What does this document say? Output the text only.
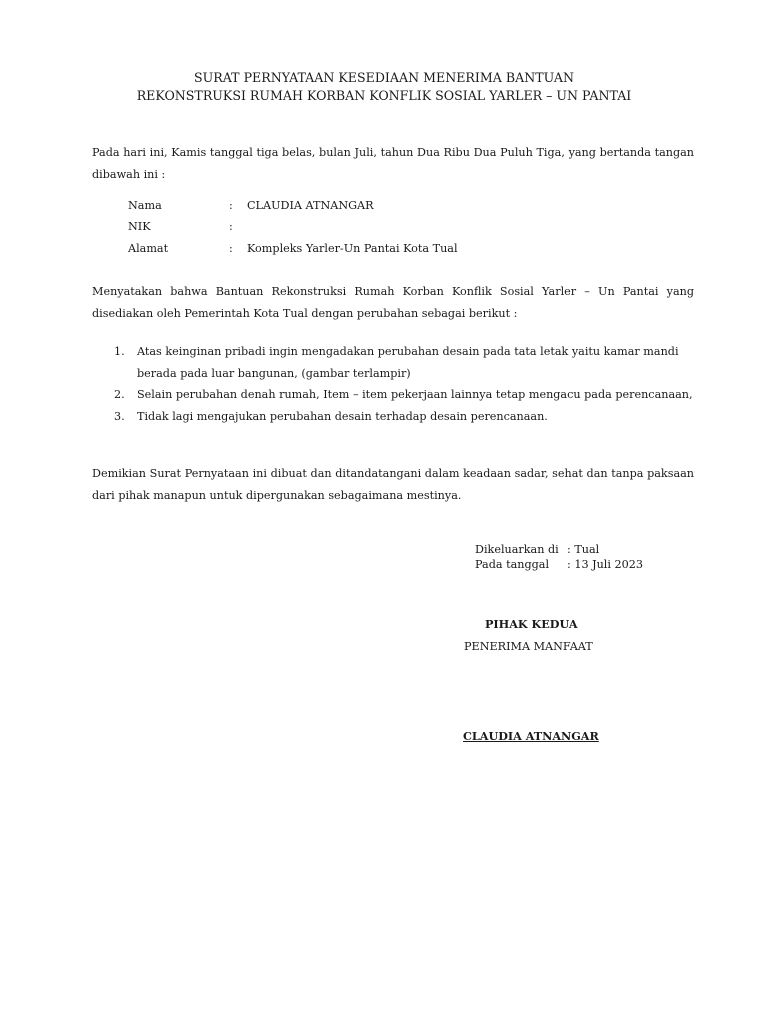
SURAT PERNYATAAN KESEDIAAN MENERIMA BANTUAN
REKONSTRUKSI RUMAH KORBAN KONFLIK SOSIAL YARLER – UN PANTAI
Pada hari ini, Kamis tanggal tiga belas, bulan Juli, tahun Dua Ribu Dua Puluh Tiga, yang bertanda tangan dibawah ini :
Nama	: CLAUDIA ATNANGAR
NIK	:
Alamat	: Kompleks Yarler-Un Pantai Kota Tual
Menyatakan bahwa Bantuan Rekonstruksi Rumah Korban Konflik Sosial Yarler – Un Pantai yang disediakan oleh Pemerintah Kota Tual dengan perubahan sebagai berikut :
1. Atas keinginan pribadi ingin mengadakan perubahan desain pada tata letak yaitu kamar mandi berada pada luar bangunan, (gambar terlampir)
2. Selain perubahan denah rumah, Item – item pekerjaan lainnya tetap mengacu pada perencanaan,
3. Tidak lagi mengajukan perubahan desain terhadap desain perencanaan.
Demikian Surat Pernyataan ini dibuat dan ditandatangani dalam keadaan sadar, sehat dan tanpa paksaan dari pihak manapun untuk dipergunakan sebagaimana mestinya.
Dikeluarkan di : Tual
Pada tanggal : 13 Juli 2023
PIHAK KEDUA
PENERIMA MANFAAT
CLAUDIA ATNANGAR
